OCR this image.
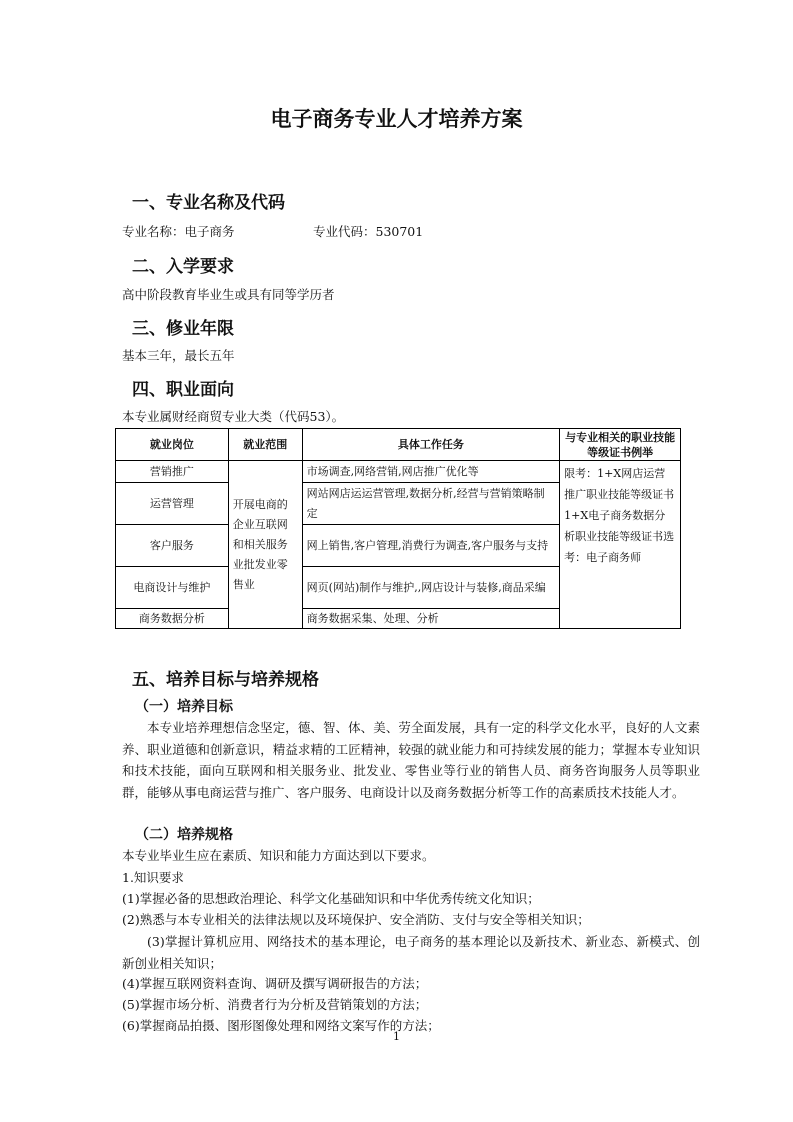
电子商务专业人才培养方案
一、专业名称及代码
专业名称：电子商务	专业代码：530701
二、入学要求
高中阶段教育毕业生或具有同等学历者
三、修业年限
基本三年，最长五年
四、职业面向
本专业属财经商贸专业大类（代码53）。
就业岗位	就业范围	具体工作任务	与专业相关的职业技能等级证书例举
营销推广	开展电商的企业互联网和相关服务业批发业零售业	市场调查,网络营销,网店推广优化等	限考：1+X网店运营推广职业技能等级证书1+X电子商务数据分析职业技能等级证书选考：电子商务师
运营管理		网站网店运运营管理,数据分析,经营与营销策略制定	
客户服务		网上销售,客户管理,消费行为调查,客户服务与支持	
电商设计与维护		网页(网站)制作与维护,,网店设计与装修,商品采编	
商务数据分析		商务数据采集、处理、分析	
五、培养目标与培养规格
（一）培养目标
本专业培养理想信念坚定，德、智、体、美、劳全面发展，具有一定的科学文化水平，良好的人文素养、职业道德和创新意识，精益求精的工匠精神，较强的就业能力和可持续发展的能力；掌握本专业知识和技术技能，面向互联网和相关服务业、批发业、零售业等行业的销售人员、商务咨询服务人员等职业群，能够从事电商运营与推广、客户服务、电商设计以及商务数据分析等工作的高素质技术技能人才。
（二）培养规格
本专业毕业生应在素质、知识和能力方面达到以下要求。
1.知识要求
(1)掌握必备的思想政治理论、科学文化基础知识和中华优秀传统文化知识；
(2)熟悉与本专业相关的法律法规以及环境保护、安全消防、支付与安全等相关知识；
(3)掌握计算机应用、网络技术的基本理论，电子商务的基本理论以及新技术、新业态、新模式、创新创业相关知识；
(4)掌握互联网资料查询、调研及撰写调研报告的方法；
(5)掌握市场分析、消费者行为分析及营销策划的方法；
(6)掌握商品拍摄、图形图像处理和网络文案写作的方法；
1
